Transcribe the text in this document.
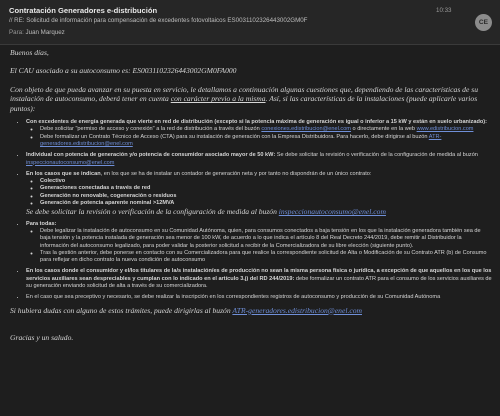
Contratación Generadores e-distribución
// RE: Solicitud de información para compensación de excedentes fotovoltaicos ES0031102326443002GM0F
Para: Juan Marquez
10:33
CE

Buenos días,

El CAU asociado a su autoconsumo es: ES0031102326443002GM0FA000

Con objeto de que pueda avanzar en su puesta en servicio, le detallamos a continuación algunas cuestiones que, dependiendo de las características de su instalación de autoconsumo, deberá tener en cuenta con carácter previo a la misma. Así, si las características de la instalaciones (puede aplicarle varios puntos):

• Con excedentes de energía generada que vierte en red de distribución (excepto si la potencia máxima de generación es igual o inferior a 15 kW y están en suelo urbanizado):
◦ Debe solicitar "permiso de acceso y conexión" a la red de distribución a través del buzón conexiones.edistribucion@enel.com o directamente en la web www.edistribucion.com
◦ Debe formalizar un Contrato Técnico de Acceso (CTA) para su instalación de generación con la Empresa Distribuidora. Para hacerlo, debe dirigirse al buzón ATR-generadores.edistribucion@enel.com
• Individual con potencia de generación y/o potencia de consumidor asociado mayor de 50 kW: Se debe solicitar la revisión o verificación de la configuración de medida al buzón inspeccionautoconsumo@enel.com
• En los casos que se indican, en los que se ha de instalar un contador de generación neta y por tanto no dispondrán de un único contrato:
◦ Colectivo
◦ Generaciones conectadas a través de red
◦ Generación no renovable, cogeneración o residuos
◦ Generación de potencia aparente nominal >12MVA
Se debe solicitar la revisión o verificación de la configuración de medida al buzón inspeccionautoconsumo@enel.com
• Para todas:
◦ Debe legalizar la instalación de autoconsumo en su Comunidad Autónoma, quien, para consumos conectados a baja tensión en los que la instalación generadora también sea de baja tensión y la potencia instalada de generación sea menor de 100 kW, de acuerdo a lo que indica el artículo 8 del Real Decreto 244/2019, debe remitir al Distribuidor la información del autoconsumo legalizado, para poder validar la posterior solicitud a recibir de la Comercializadora de su libre elección (siguiente punto).
◦ Tras la gestión anterior, debe ponerse en contacto con su Comercializadora para que realice la correspondiente solicitud de Alta o Modificación de su Contrato ATR (b) de Consumo para reflejar en dicho contrato la nueva condición de autoconsumo
• En los casos donde el consumidor y el/los titulares de la/s instalación/es de producción no sean la misma persona física o jurídica, a excepción de que aquellos en los que los servicios auxiliares sean despreciables y cumplan con lo indicado en el artículo 3.j) del RD 244/2019: debe formalizar un contrato ATR para el consumo de los servicios auxiliares de su generación enviando solicitud de alta a través de su comercializadora.
• En el caso que sea preceptivo y necesario, se debe realizar la inscripción en los correspondientes registros de autoconsumo y producción de su Comunidad Autónoma

Si hubiera dudas con alguno de estos trámites, puede dirigirlas al buzón ATR-generadores.edistribucion@enel.com

Gracias y un saludo.
